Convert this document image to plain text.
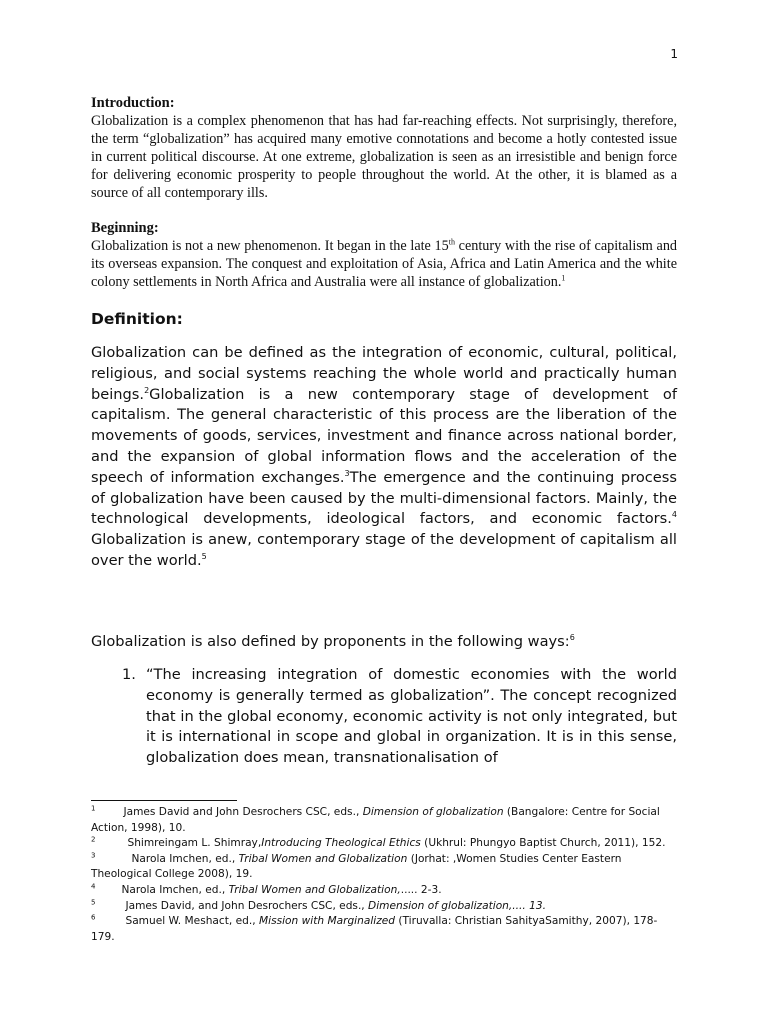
1

Introduction:

Globalization is a complex phenomenon that has had far-reaching effects. Not surprisingly, therefore, the term “globalization” has acquired many emotive connotations and become a hotly contested issue in current political discourse. At one extreme, globalization is seen as an irresistible and benign force for delivering economic prosperity to people throughout the world. At the other, it is blamed as a source of all contemporary ills.

Beginning:

Globalization is not a new phenomenon. It began in the late 15th century with the rise of capitalism and its overseas expansion. The conquest and exploitation of Asia, Africa and Latin America and the white colony settlements in North Africa and Australia were all instance of globalization.$^1$

Definition:

Globalization can be defined as the integration of economic, cultural, political, religious, and social systems reaching the whole world and practically human beings.$^2$Globalization is a new contemporary stage of development of capitalism. The general characteristic of this process are the liberation of the movements of goods, services, investment and finance across national border, and the expansion of global information flows and the acceleration of the speech of information exchanges.$^3$The emergence and the continuing process of globalization have been caused by the multi-dimensional factors. Mainly, the technological developments, ideological factors, and economic factors.$^4$ Globalization is anew, contemporary stage of the development of capitalism all over the world.$^5$

Globalization is also defined by proponents in the following ways:$^6$

1. “The increasing integration of domestic economies with the world economy is generally termed as globalization”. The concept recognized that in the global economy, economic activity is not only integrated, but it is international in scope and global in organization. It is in this sense, globalization does mean, transnationalisation of

$^1$	James David and John Desrochers CSC, eds., Dimension of globalization (Bangalore: Centre for Social Action, 1998), 10.

$^2$	Shimreingam L. Shimray,Introducing Theological Ethics (Ukhrul: Phungyo Baptist Church, 2011), 152.

$^3$	Narola Imchen, ed., Tribal Women and Globalization (Jorhat: ,Women Studies Center Eastern Theological College 2008), 19.

$^4$ Narola Imchen, ed., Tribal Women and Globalization,..... 2-3.

$^5$	James David, and John Desrochers CSC, eds., Dimension of globalization,.... 13.

$^6$	Samuel W. Meshact, ed., Mission with Marginalized (Tiruvalla: Christian SahityaSamithy, 2007), 178-179.
